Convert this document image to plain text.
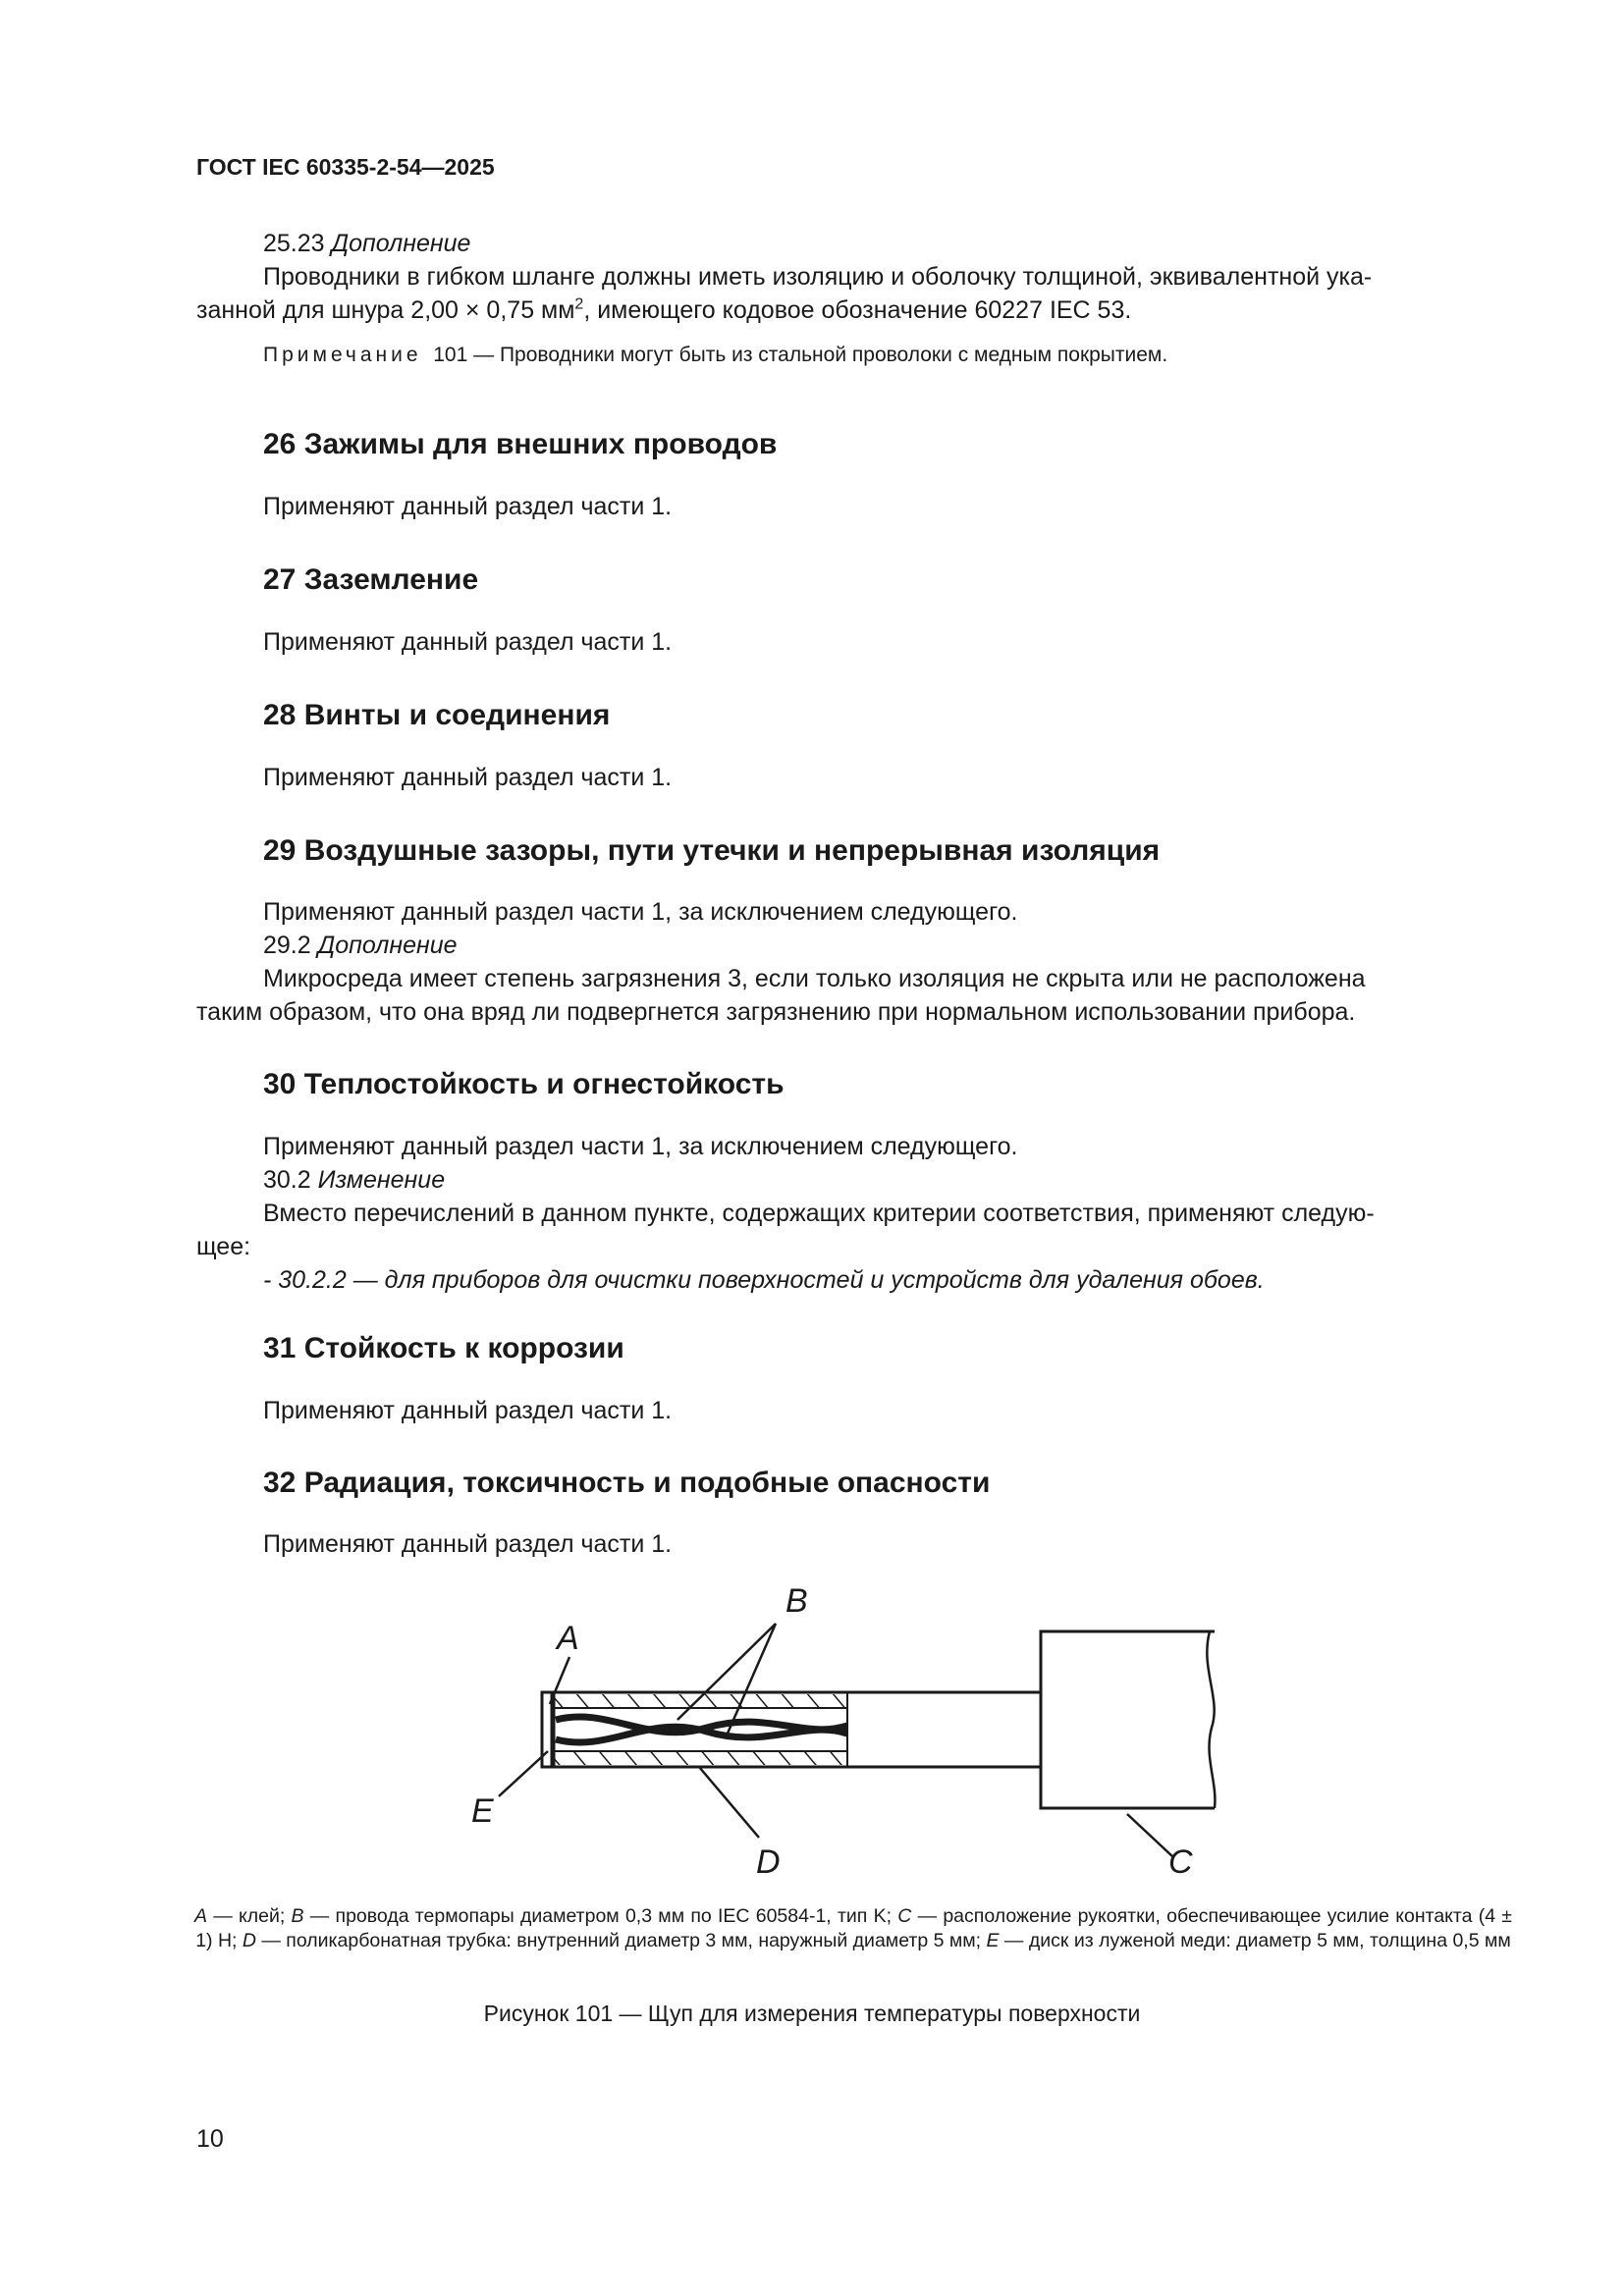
ГОСТ IEC 60335-2-54—2025
25.23 Дополнение
Проводники в гибком шланге должны иметь изоляцию и оболочку толщиной, эквивалентной ука-
занной для шнура 2,00 × 0,75 $мм^2$, имеющего кодовое обозначение 60227 IEC 53.
Примечание 101 — Проводники могут быть из стальной проволоки с медным покрытием.
26 Зажимы для внешних проводов
Применяют данный раздел части 1.
27 Заземление
Применяют данный раздел части 1.
28 Винты и соединения
Применяют данный раздел части 1.
29 Воздушные зазоры, пути утечки и непрерывная изоляция
Применяют данный раздел части 1, за исключением следующего.
29.2 Дополнение
Микросреда имеет степень загрязнения 3, если только изоляция не скрыта или не расположена
таким образом, что она вряд ли подвергнется загрязнению при нормальном использовании прибора.
30 Теплостойкость и огнестойкость
Применяют данный раздел части 1, за исключением следующего.
30.2 Изменение
Вместо перечислений в данном пункте, содержащих критерии соответствия, применяют следую-
щее:
- 30.2.2 — для приборов для очистки поверхностей и устройств для удаления обоев.
31 Стойкость к коррозии
Применяют данный раздел части 1.
32 Радиация, токсичность и подобные опасности
Применяют данный раздел части 1.
A
B
E
D	C
A — клей; B — провода термопары диаметром 0,3 мм по IEC 60584-1, тип K; C — расположение рукоятки, обеспечивающее усилие контакта (4 ± 1) Н; D — поликарбонатная трубка: внутренний диаметр 3 мм, наружный диаметр 5 мм; E — диск из луженой меди: диаметр 5 мм, толщина 0,5 мм
Рисунок 101 — Щуп для измерения температуры поверхности
10
